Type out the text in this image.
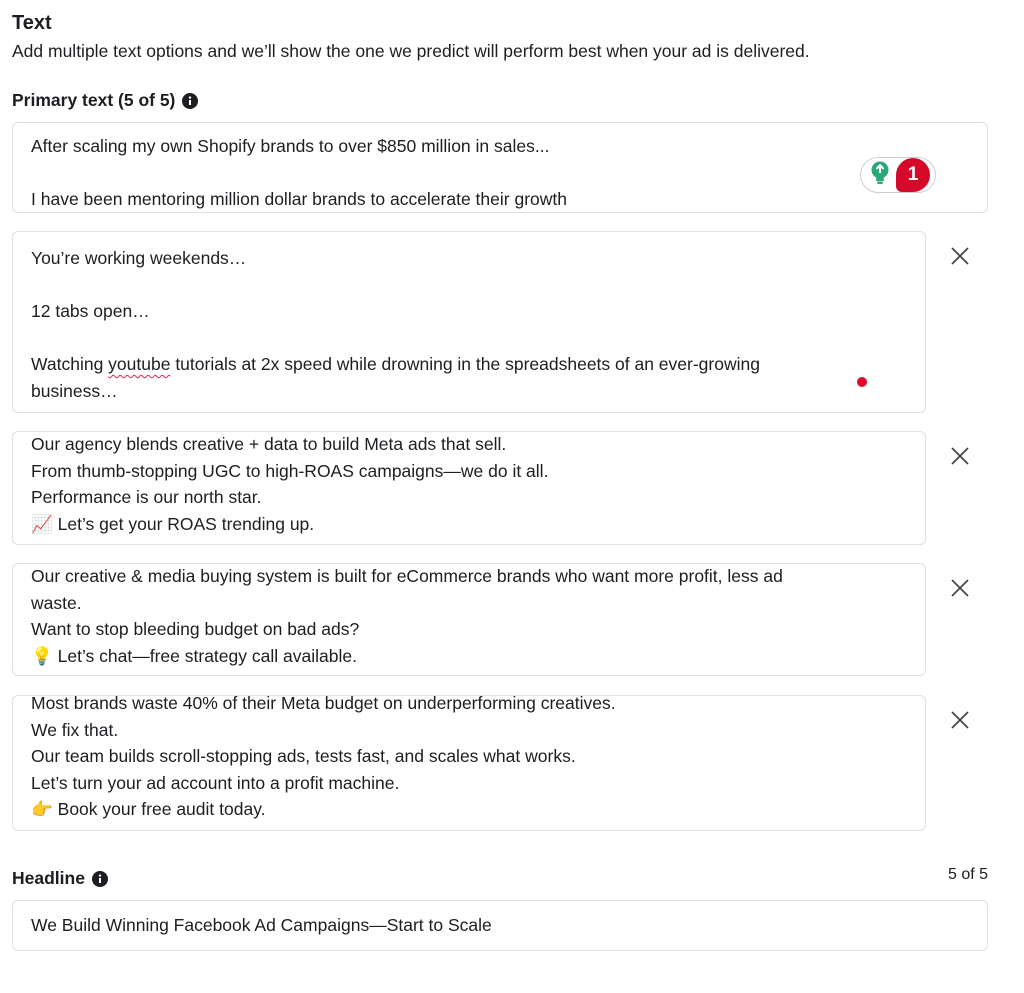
Text
Add multiple text options and we’ll show the one we predict will perform best when your ad is delivered.
Primary text (5 of 5)
After scaling my own Shopify brands to over $850 million in sales...

I have been mentoring million dollar brands to accelerate their growth
1
You’re working weekends…

12 tabs open…

Watching youtube tutorials at 2x speed while drowning in the spreadsheets of an ever-growing
business…
Our agency blends creative + data to build Meta ads that sell.
From thumb-stopping UGC to high-ROAS campaigns—we do it all.
Performance is our north star.
📈 Let’s get your ROAS trending up.
Our creative & media buying system is built for eCommerce brands who want more profit, less ad
waste.
Want to stop bleeding budget on bad ads?
💡 Let’s chat—free strategy call available.
Most brands waste 40% of their Meta budget on underperforming creatives.
We fix that.
Our team builds scroll-stopping ads, tests fast, and scales what works.
Let’s turn your ad account into a profit machine.
👉 Book your free audit today.
Headline	5 of 5
We Build Winning Facebook Ad Campaigns—Start to Scale
